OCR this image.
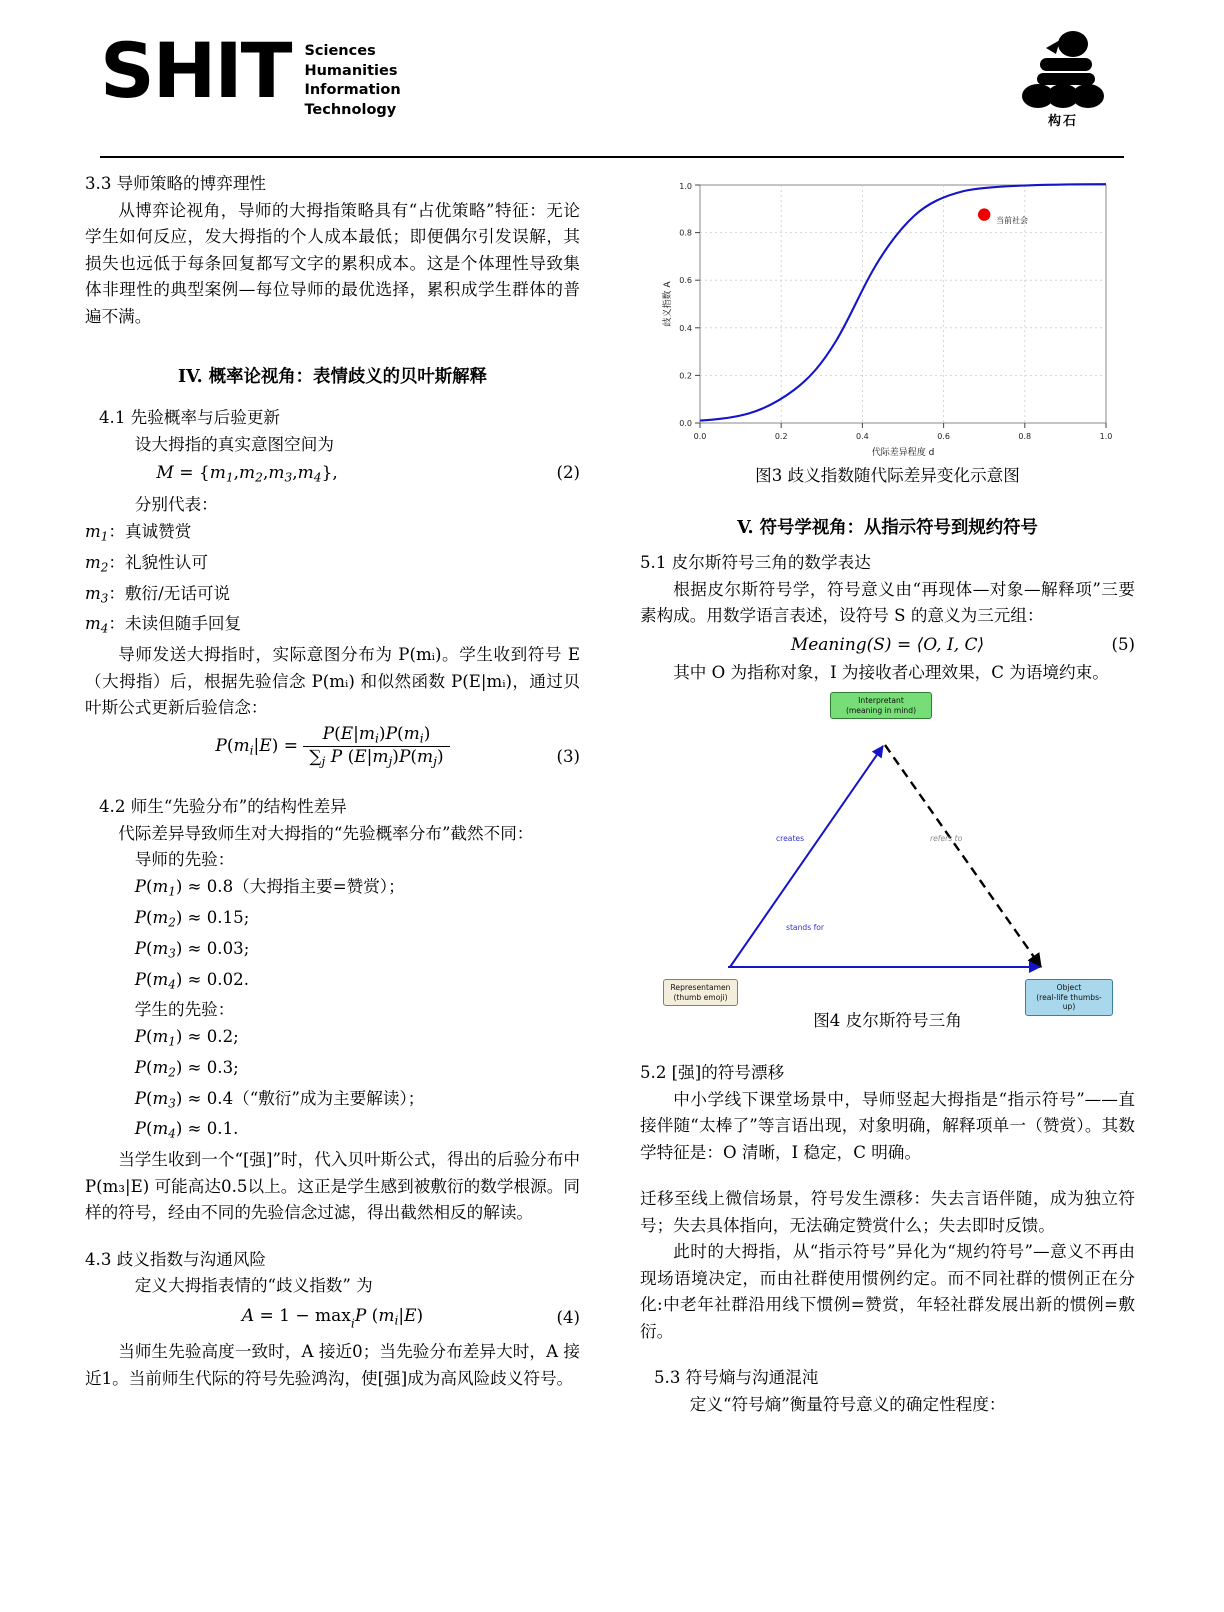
SHIT Sciences
Humanities
Information
Technology
构石

3.3 导师策略的博弈理性

从博弈论视角，导师的大拇指策略具有“占优策略”特征：无论学生如何反应，发大拇指的个人成本最低；即便偶尔引发误解，其损失也远低于每条回复都写文字的累积成本。这是个体理性导致集体非理性的典型案例—每位导师的最优选择，累积成学生群体的普遍不满。

IV. 概率论视角：表情歧义的贝叶斯解释

4.1 先验概率与后验更新

设大拇指的真实意图空间为

$M = \{m_1,m_2,m_3,m_4\}$,	(2)

分别代表：

$m_1$：真诚赞赏

$m_2$：礼貌性认可

$m_3$：敷衍/无话可说

$m_4$：未读但随手回复

导师发送大拇指时，实际意图分布为 P(mᵢ)。学生收到符号 E（大拇指）后，根据先验信念 P(mᵢ) 和似然函数 P(E|mᵢ)，通过贝叶斯公式更新后验信念：

$P(m_i|E) = \frac{P(E|m_i)P(m_i)}{\sum_j P (E|m_j)P(m_j)}$	(3)

4.2 师生“先验分布”的结构性差异

代际差异导致师生对大拇指的“先验概率分布”截然不同：

导师的先验：

$P(m_1) \approx 0.8$（大拇指主要=赞赏）；

$P(m_2) \approx 0.15$;

$P(m_3) \approx 0.03$;

$P(m_4) \approx 0.02$.

学生的先验：

$P(m_1) \approx 0.2$;

$P(m_2) \approx 0.3$;

$P(m_3)$ ≈ 0.4（“敷衍”成为主要解读）；

$P(m_4) \approx 0.1$.

当学生收到一个“[强]”时，代入贝叶斯公式，得出的后验分布中 P(m₃|E) 可能高达0.5以上。这正是学生感到被敷衍的数学根源。同样的符号，经由不同的先验信念过滤，得出截然相反的解读。

4.3 歧义指数与沟通风险

定义大拇指表情的“歧义指数” 为

$A = 1 - \max_iP$ $(m_i|E)$	(4)

当师生先验高度一致时，A 接近0；当先验分布差异大时，A 接近1。当前师生代际的符号先验鸿沟，使[强]成为高风险歧义符号。

0.0	0.2	0.4	0.6	0.8	1.0
0.0
0.2
0.4
0.6
0.8
1.0
当前社会
代际差异程度 d
歧义指数 A

图3 歧义指数随代际差异变化示意图

V. 符号学视角：从指示符号到规约符号

5.1 皮尔斯符号三角的数学表达

根据皮尔斯符号学，符号意义由“再现体—对象—解释项”三要素构成。用数学语言表述，设符号 S 的意义为三元组：

Meaning(S) = ⟨O, I, C⟩	(5)

其中 O 为指称对象，I 为接收者心理效果，C 为语境约束。

Interpretant
(meaning in mind)
Representamen
(thumb emoji)
Object
(real-life thumbs-up)
creates	refers to
stands for

图4 皮尔斯符号三角

5.2 [强]的符号漂移

中小学线下课堂场景中，导师竖起大拇指是“指示符号”——直接伴随“太棒了”等言语出现，对象明确，解释项单一（赞赏）。其数学特征是：O 清晰，I 稳定，C 明确。

迁移至线上微信场景，符号发生漂移：失去言语伴随，成为独立符号；失去具体指向，无法确定赞赏什么；失去即时反馈。

此时的大拇指，从“指示符号”异化为“规约符号”—意义不再由现场语境决定，而由社群使用惯例约定。而不同社群的惯例正在分化:中老年社群沿用线下惯例=赞赏，年轻社群发展出新的惯例=敷衍。

5.3 符号熵与沟通混沌

定义“符号熵”衡量符号意义的确定性程度：
